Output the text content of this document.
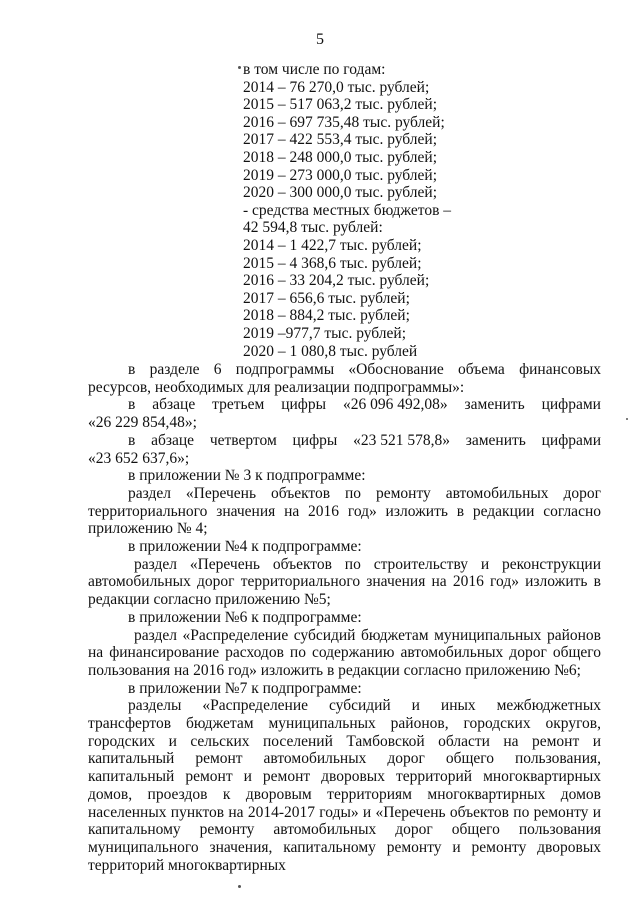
5
в том числе по годам:
2014 – 76 270,0 тыс. рублей;
2015 – 517 063,2 тыс. рублей;
2016 – 697 735,48 тыс. рублей;
2017 – 422 553,4 тыс. рублей;
2018 – 248 000,0 тыс. рублей;
2019 – 273 000,0 тыс. рублей;
2020 – 300 000,0 тыс. рублей;
- средства местных бюджетов –
42 594,8 тыс. рублей:
2014 – 1 422,7 тыс. рублей;
2015 – 4 368,6 тыс. рублей;
2016 – 33 204,2 тыс. рублей;
2017 – 656,6 тыс. рублей;
2018 – 884,2 тыс. рублей;
2019 –977,7 тыс. рублей;
2020 – 1 080,8 тыс. рублей
в разделе 6 подпрограммы «Обоснование объема финансовых ресурсов, необходимых для реализации подпрограммы»:
в абзаце третьем цифры «26 096 492,08» заменить цифрами
«26 229 854,48»;
в абзаце четвертом цифры «23 521 578,8» заменить цифрами
«23 652 637,6»;
в приложении № 3 к подпрограмме:
раздел «Перечень объектов по ремонту автомобильных дорог территориального значения на 2016 год» изложить в редакции согласно приложению № 4;
в приложении №4 к подпрограмме:
раздел «Перечень объектов по строительству и реконструкции автомобильных дорог территориального значения на 2016 год» изложить в редакции согласно приложению №5;
в приложении №6 к подпрограмме:
раздел «Распределение субсидий бюджетам муниципальных районов на финансирование расходов по содержанию автомобильных дорог общего пользования на 2016 год» изложить в редакции согласно приложению №6;
в приложении №7 к подпрограмме:
разделы «Распределение субсидий и иных межбюджетных трансфертов бюджетам муниципальных районов, городских округов, городских и сельских поселений Тамбовской области на ремонт и капитальный ремонт автомобильных дорог общего пользования, капитальный ремонт и ремонт дворовых территорий многоквартирных домов, проездов к дворовым территориям многоквартирных домов населенных пунктов на 2014-2017 годы» и «Перечень объектов по ремонту и капитальному ремонту автомобильных дорог общего пользования муниципального значения, капитальному ремонту и ремонту дворовых территорий многоквартирных
